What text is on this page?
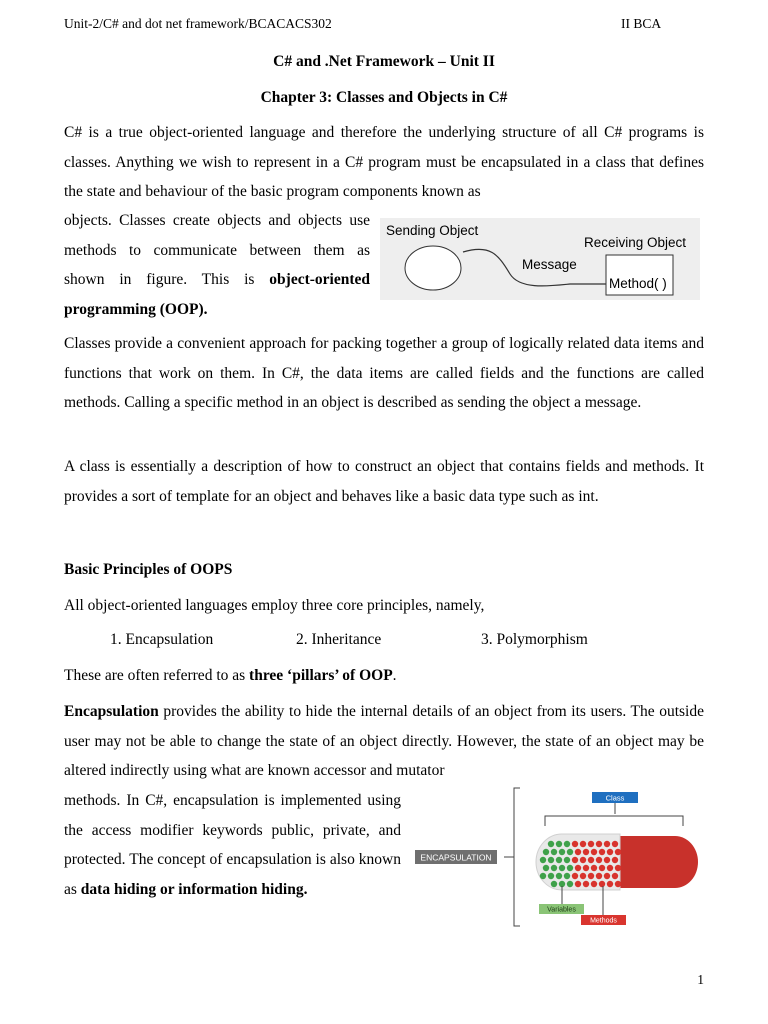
Unit-2/C# and dot net framework/BCACACS302	II BCA
C# and .Net Framework – Unit II
Chapter 3: Classes and Objects in C#

C# is a true object-oriented language and therefore the underlying structure of all C# programs is classes. Anything we wish to represent in a C# program must be encapsulated in a class that defines the state and behaviour of the basic program components known as

objects. Classes create objects and objects use methods to communicate between them as shown in figure. This is object-oriented programming (OOP).

Sending Object
Receiving Object
Message
Method( )

Classes provide a convenient approach for packing together a group of logically related data items and functions that work on them. In C#, the data items are called fields and the functions are called methods. Calling a specific method in an object is described as sending the object a message.

A class is essentially a description of how to construct an object that contains fields and methods. It provides a sort of template for an object and behaves like a basic data type such as int.

Basic Principles of OOPS
All object-oriented languages employ three core principles, namely,
1. Encapsulation	2. Inheritance	3. Polymorphism
These are often referred to as three ‘pillars’ of OOP.

Encapsulation provides the ability to hide the internal details of an object from its users. The outside user may not be able to change the state of an object directly. However, the state of an object may be altered indirectly using what are known accessor and mutator

methods. In C#, encapsulation is implemented using the access modifier keywords public, private, and protected. The concept of encapsulation is also known as data hiding or information hiding.

ENCAPSULATION
Class
Variables
Methods
1
